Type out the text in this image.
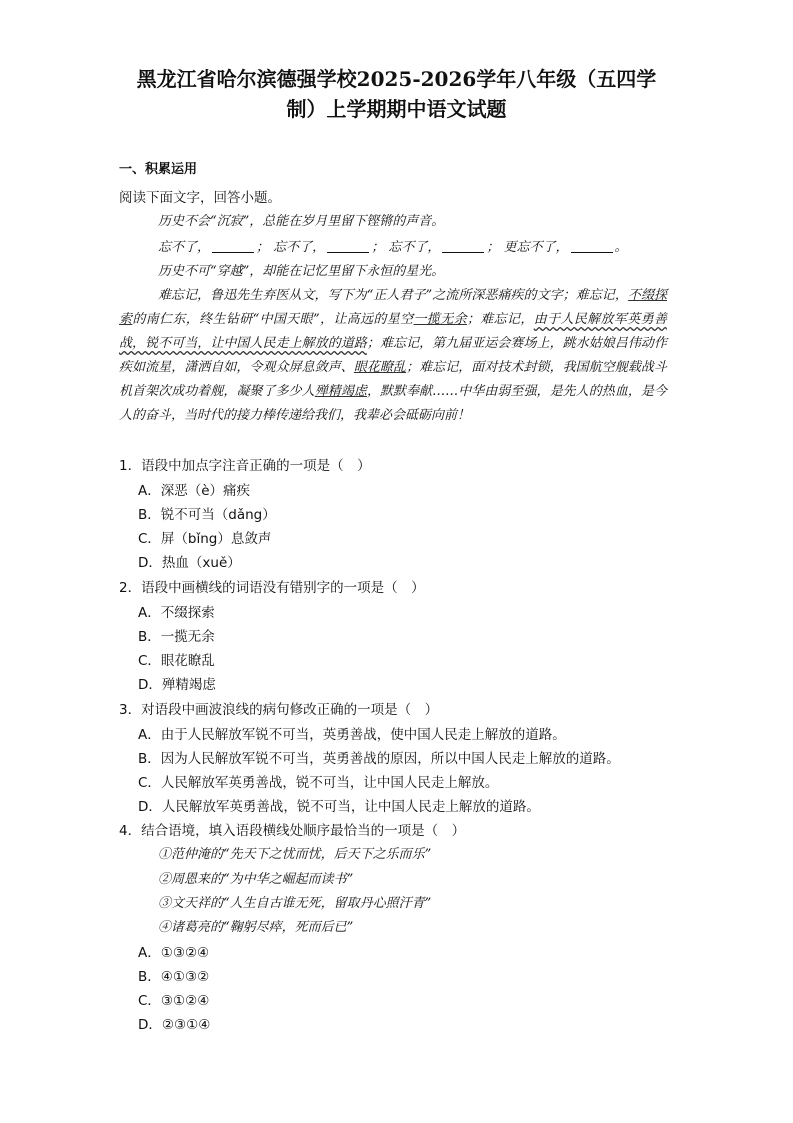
黑龙江省哈尔滨德强学校2025-2026学年八年级（五四学
制）上学期期中语文试题
一、积累运用
阅读下面文字，回答小题。
历史不会“沉寂”，总能在岁月里留下铿锵的声音。
忘不了，	； 忘不了，	； 忘不了，	； 更忘不了，	。
历史不可“穿越”，却能在记忆里留下永恒的星光。

难忘记，鲁迅先生弃医从文，写下为“正人君子”之流所深恶痛疾的文字；难忘记，不缀探索的南仁东，终生钻研“中国天眼”，让高远的星空一揽无余；难忘记，由于人民解放军英勇善战，锐不可当，让中国人民走上解放的道路；难忘记，第九届亚运会赛场上，跳水姑娘吕伟动作疾如流星，潇洒自如，令观众屏息敛声、眼花瞭乱；难忘记，面对技术封锁，我国航空舰载战斗机首架次成功着舰，凝聚了多少人殚精竭虑，默默奉献……中华由弱至强，是先人的热血，是今人的奋斗，当时代的接力棒传递给我们，我辈必会砥砺向前！

1．语段中加点字注音正确的一项是（　）
A．深恶（è）痛疾
B．锐不可当（dǎng）
C．屏（bǐng）息敛声
D．热血（xuě）
2．语段中画横线的词语没有错别字的一项是（　）
A．不缀探索
B．一揽无余
C．眼花瞭乱
D．殚精竭虑
3．对语段中画波浪线的病句修改正确的一项是（　）
A．由于人民解放军锐不可当，英勇善战，使中国人民走上解放的道路。
B．因为人民解放军锐不可当，英勇善战的原因，所以中国人民走上解放的道路。
C．人民解放军英勇善战，锐不可当，让中国人民走上解放。
D．人民解放军英勇善战，锐不可当，让中国人民走上解放的道路。
4．结合语境，填入语段横线处顺序最恰当的一项是（　）
①范仲淹的“先天下之忧而忧，后天下之乐而乐”
②周恩来的“为中华之崛起而读书”
③文天祥的“人生自古谁无死，留取丹心照汗青”
④诸葛亮的“鞠躬尽瘁，死而后已”
A．①③②④
B．④①③②
C．③①②④
D．②③①④
